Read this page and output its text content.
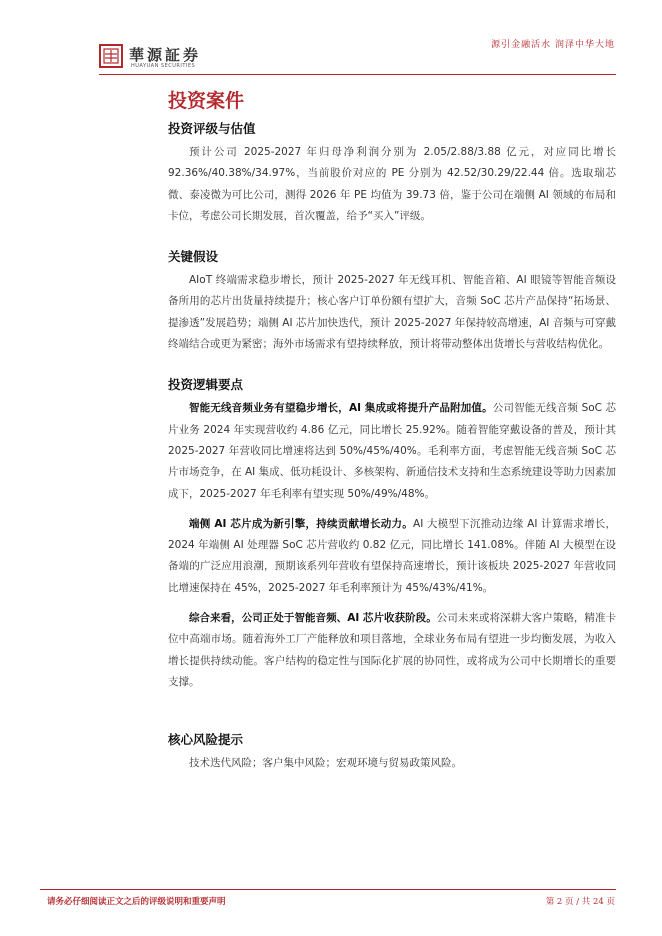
華源証券
HUAYUAN SECURITIES
源引金融活水 润泽中华大地
投资案件
投资评级与估值

预计公司 2025-2027 年归母净利润分别为 2.05/2.88/3.88 亿元，对应同比增长 92.36%/40.38%/34.97%，当前股价对应的 PE 分别为 42.52/30.29/22.44 倍。选取瑞芯微、泰凌微为可比公司，测得 2026 年 PE 均值为 39.73 倍，鉴于公司在端侧 AI 领域的布局和卡位，考虑公司长期发展，首次覆盖，给予“买入”评级。

关键假设

AIoT 终端需求稳步增长，预计 2025-2027 年无线耳机、智能音箱、AI 眼镜等智能音频设备所用的芯片出货量持续提升；核心客户订单份额有望扩大，音频 SoC 芯片产品保持“拓场景、提渗透”发展趋势；端侧 AI 芯片加快迭代，预计 2025-2027 年保持较高增速，AI 音频与可穿戴终端结合或更为紧密；海外市场需求有望持续释放，预计将带动整体出货增长与营收结构优化。

投资逻辑要点

智能无线音频业务有望稳步增长，AI 集成或将提升产品附加值。公司智能无线音频 SoC 芯片业务 2024 年实现营收约 4.86 亿元，同比增长 25.92%。随着智能穿戴设备的普及，预计其 2025-2027 年营收同比增速将达到 50%/45%/40%。毛利率方面，考虑智能无线音频 SoC 芯片市场竞争，在 AI 集成、低功耗设计、多核架构、新通信技术支持和生态系统建设等助力因素加成下，2025-2027 年毛利率有望实现 50%/49%/48%。

端侧 AI 芯片成为新引擎，持续贡献增长动力。AI 大模型下沉推动边缘 AI 计算需求增长，2024 年端侧 AI 处理器 SoC 芯片营收约 0.82 亿元，同比增长 141.08%。伴随 AI 大模型在设备端的广泛应用浪潮，预期该系列年营收有望保持高速增长，预计该板块 2025-2027 年营收同比增速保持在 45%，2025-2027 年毛利率预计为 45%/43%/41%。

综合来看，公司正处于智能音频、AI 芯片收获阶段。公司未来或将深耕大客户策略，精准卡位中高端市场。随着海外工厂产能释放和项目落地，全球业务布局有望进一步均衡发展，为收入增长提供持续动能。客户结构的稳定性与国际化扩展的协同性，或将成为公司中长期增长的重要支撑。

核心风险提示

技术迭代风险；客户集中风险；宏观环境与贸易政策风险。

请务必仔细阅读正文之后的评级说明和重要声明	第 2 页 / 共 24 页
